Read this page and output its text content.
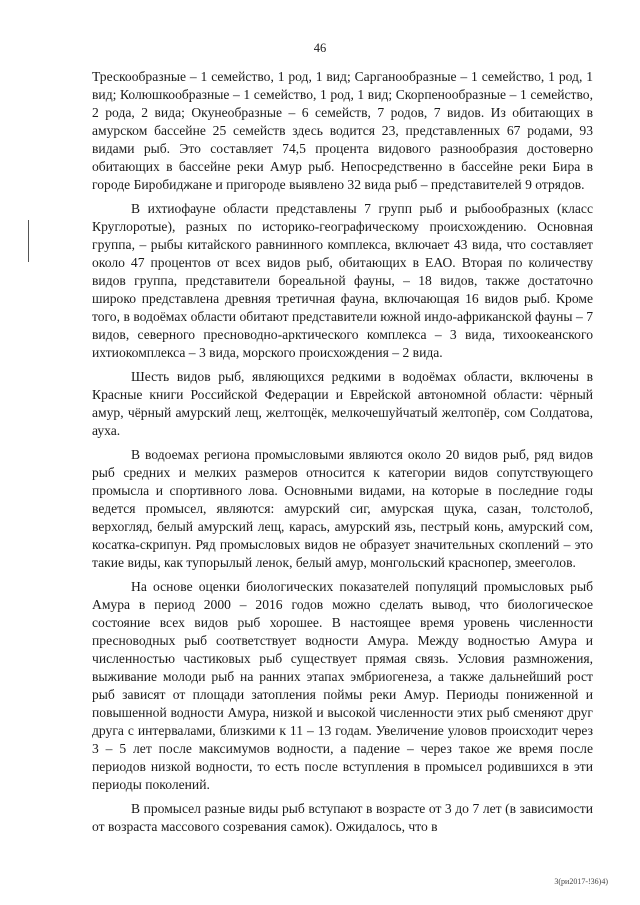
46

Трескообразные – 1 семейство, 1 род, 1 вид; Сарганообразные – 1 семейство, 1 род, 1 вид; Колюшкообразные – 1 семейство, 1 род, 1 вид; Скорпенообразные – 1 семейство, 2 рода, 2 вида; Окунеобразные – 6 семейств, 7 родов, 7 видов. Из обитающих в амурском бассейне 25 семейств здесь водится 23, представленных 67 родами, 93 видами рыб. Это составляет 74,5 процента видового разнообразия достоверно обитающих в бассейне реки Амур рыб. Непосредственно в бассейне реки Бира в городе Биробиджане и пригороде выявлено 32 вида рыб – представителей 9 отрядов.

В ихтиофауне области представлены 7 групп рыб и рыбообразных (класс Круглоротые), разных по историко-географическому происхождению. Основная группа, – рыбы китайского равнинного комплекса, включает 43 вида, что составляет около 47 процентов от всех видов рыб, обитающих в ЕАО. Вторая по количеству видов группа, представители бореальной фауны, – 18 видов, также достаточно широко представлена древняя третичная фауна, включающая 16 видов рыб. Кроме того, в водоёмах области обитают представители южной индо-африканской фауны – 7 видов, северного пресноводно-арктического комплекса – 3 вида, тихоокеанского ихтиокомплекса – 3 вида, морского происхождения – 2 вида.

Шесть видов рыб, являющихся редкими в водоёмах области, включены в Красные книги Российской Федерации и Еврейской автономной области: чёрный амур, чёрный амурский лещ, желтощёк, мелкочешуйчатый желтопёр, сом Солдатова, ауха.

В водоемах региона промысловыми являются около 20 видов рыб, ряд видов рыб средних и мелких размеров относится к категории видов сопутствующего промысла и спортивного лова. Основными видами, на которые в последние годы ведется промысел, являются: амурский сиг, амурская щука, сазан, толстолоб, верхогляд, белый амурский лещ, карась, амурский язь, пестрый конь, амурский сом, косатка-скрипун. Ряд промысловых видов не образует значительных скоплений – это такие виды, как тупорылый ленок, белый амур, монгольский краснопер, змееголов.

На основе оценки биологических показателей популяций промысловых рыб Амура в период 2000 – 2016 годов можно сделать вывод, что биологическое состояние всех видов рыб хорошее. В настоящее время уровень численности пресноводных рыб соответствует водности Амура. Между водностью Амура и численностью частиковых рыб существует прямая связь. Условия размножения, выживание молоди рыб на ранних этапах эмбриогенеза, а также дальнейший рост рыб зависят от площади затопления поймы реки Амур. Периоды пониженной и повышенной водности Амура, низкой и высокой численности этих рыб сменяют друг друга с интервалами, близкими к 11 – 13 годам. Увеличение уловов происходит через 3 – 5 лет после максимумов водности, а падение – через такое же время после периодов низкой водности, то есть после вступления в промысел родившихся в эти периоды поколений.

В промысел разные виды рыб вступают в возрасте от 3 до 7 лет (в зависимости от возраста массового созревания самок). Ожидалось, что в

3(ри2017-!36)4)
